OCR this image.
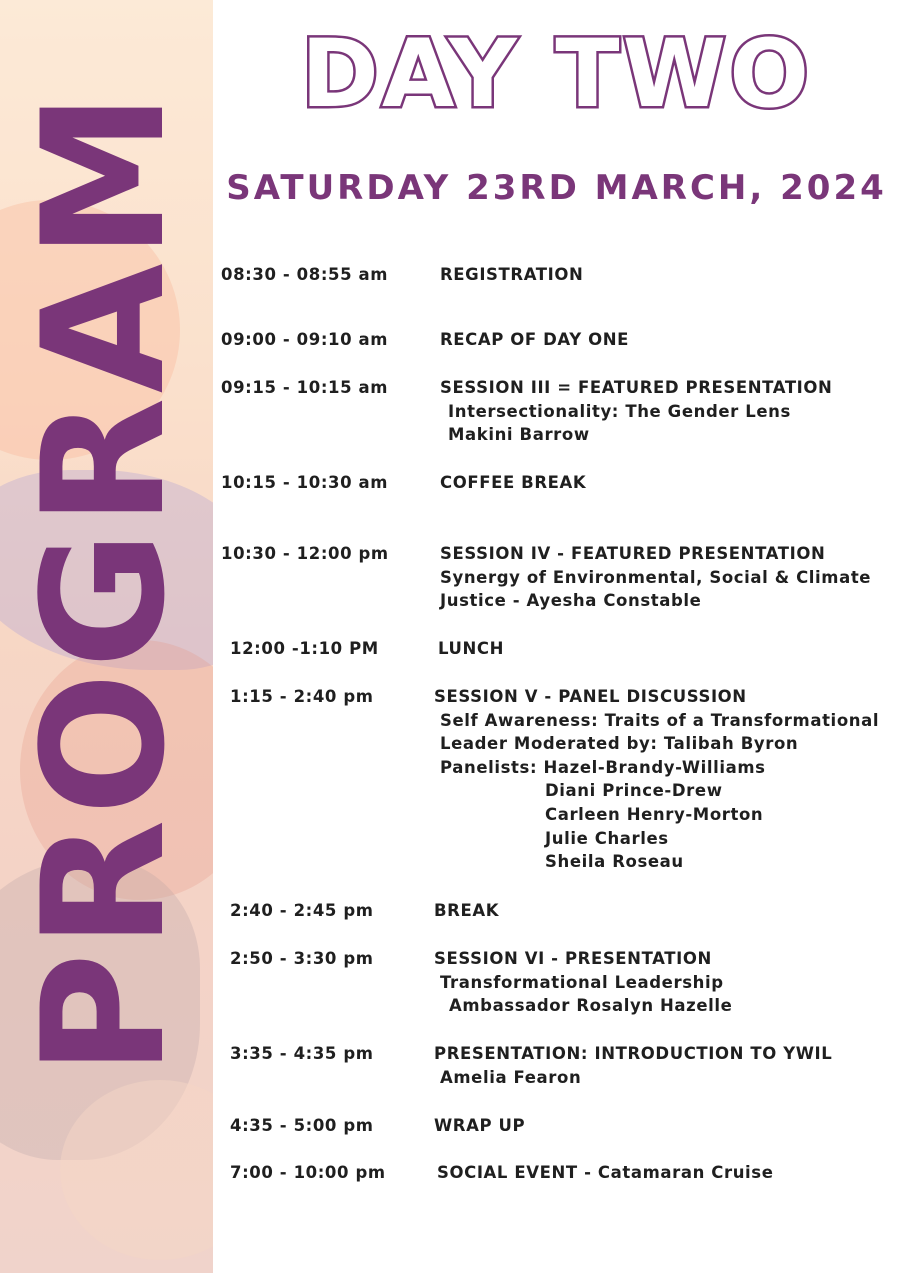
PROGRAM
DAY TWO
SATURDAY 23RD MARCH, 2024
08:30 - 08:55 am	REGISTRATION
09:00 - 09:10 am	RECAP OF DAY ONE
09:15 - 10:15 am	SESSION III = FEATURED PRESENTATION
Intersectionality: The Gender Lens
Makini Barrow
10:15 - 10:30 am	COFFEE BREAK
10:30 - 12:00 pm	SESSION IV - FEATURED PRESENTATION
Synergy of Environmental, Social & Climate
Justice - Ayesha Constable
12:00 -1:10 PM	LUNCH
1:15 - 2:40 pm	SESSION V - PANEL DISCUSSION
Self Awareness: Traits of a Transformational
Leader Moderated by: Talibah Byron
Panelists: Hazel-Brandy-Williams
Diani Prince-Drew
Carleen Henry-Morton
Julie Charles
Sheila Roseau
2:40 - 2:45 pm	BREAK
2:50 - 3:30 pm	SESSION VI - PRESENTATION
Transformational Leadership
Ambassador Rosalyn Hazelle
3:35 - 4:35 pm	PRESENTATION: INTRODUCTION TO YWIL
Amelia Fearon
4:35 - 5:00 pm	WRAP UP
7:00 - 10:00 pm	SOCIAL EVENT - Catamaran Cruise
